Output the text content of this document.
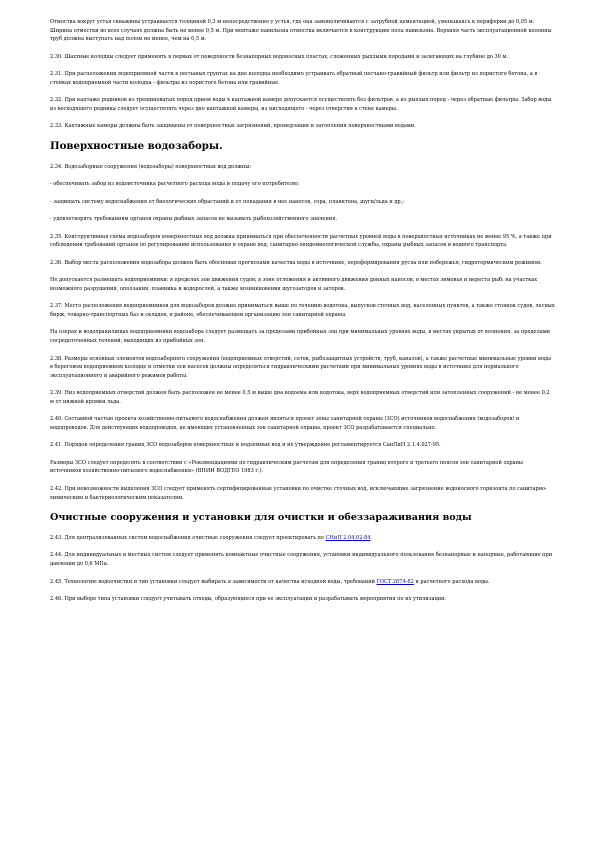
Отмостка вокруг устья скважины устраивается толщиной 0,3 м непосредственно у устья, где она замоноличивается с затрубной цементацией, уменьшаясь к периферии до 0,05 м. Ширина отмостки во всех случаях должна быть не менее 0,5 м. При монтаже павильона отмостка включается в конструкцию пола павильона. Верхняя часть эксплуатационной колонны труб должна выступать над полом не менее, чем на 0,5 м.

2.30. Шахтные колодцы следует применять в первых от поверхности безнапорных водоносных пластах, сложенных рыхлыми породами и залегающих на глубине до 30 м.

2.31. При расположении водоприемной части в песчаных грунтах на дне колодца необходимо устраивать обратный песчано-гравийный фильтр или фильтр из пористого бетона, а в стенках водоприемной части колодца - фильтры из пористого бетона или гравийные.

2.32. При каптаже родников из трещиноватых пород прием воды в каптажной камере допускается осуществлять без фильтров, а из рыхлых пород - через обратные фильтры. Забор воды из восходящего родника следует осуществлять через дно каптажной камеры, из нисходящего - через отверстия в стене камеры.

2.33. Каптажные камеры должны быть защищены от поверхностных загрязнений, промерзания и затопления поверхностными водами.

Поверхностные водозаборы.

2.34. Водозаборные сооружения (водозаборы) поверхностных вод должны:

- обеспечивать забор из водоисточника расчетного расхода воды и подачу его потребителю;

- защищать систему водоснабжения от биологических обрастаний и от попадания в нее наносов, сора, планктона, шуги/льда и др.;

- удовлетворять требованиям органов охраны рыбных запасов не вызывать рыбохозяйственного значения.

2.35. Конструктивная схема водозаборов поверхностных вод должна приниматься при обеспеченности расчетных уровней воды в поверхностных источниках не менее 95 %, а также при соблюдении требований органов по регулированию использования и охране вод, санитарно-эпидемиологической службы, охраны рыбных запасов и водного транспорта.

2.36. Выбор места расположения водозабора должен быть обоснован прогнозами качества воды в источнике, переформирования русла или побережья, гидротермическим режимом.

Не допускается размещать водоприемники: в пределах зон движения судов; в зоне отложения и активного движения донных наносов; в местах зимовья и нереста рыб; на участках возможного разрушения, оползания, плавника и водорослей, а также возникновения шугозаторов и заторов.

2.37. Место расположения водоприемников для водозаборов должно приниматься выше по течению водотока, выпусков сточных вод, населенных пунктов, а также стоянок судов, лесных бирж, товарно-транспортных баз и складов, в районе, обеспечивающем организацию зон санитарной охраны.

На озерах и водохранилищах водоприемники водозабора следует размещать за пределами прибойных зон при минимальных уровнях воды, в местах укрытых от волнения, за пределами сосредоточенных течений, выходящих из прибойных зон.

2.38. Размеры основных элементов водозаборного сооружения (водоприемных отверстий, сеток, рыбозащитных устройств, труб, каналов), а также расчетные минимальные уровни воды в береговом водоприемном колодце и отметки оси насосов должны определяться гидравлическими расчетами при минимальных уровнях воды в источнике для нормального эксплуатационного и аварийного режимов работы.

2.39. Низ водоприемных отверстий должен быть расположен не менее 0,5 м выше дна водоема или водотока, верх водоприемных отверстий или затопленных сооружений - не менее 0,2 м от нижней кромки льда.

2.40. Составной частью проекта хозяйственно-питьевого водоснабжения должен являться проект зоны санитарной охраны (ЗСО) источников водоснабжения (водозаборов) и водопроводов. Для действующих водопроводов, не имеющих установленных зон санитарной охраны, проект ЗСО разрабатывается специально.

2.41. Порядок определения границ ЗСО водозаборов поверхностных и подземных вод и их утверждение регламентируется СанПиН 2.1.4.027-95.

Размеры ЗСО следует определять в соответствии с «Рекомендациями по гидравлическим расчетам для определения границ второго и третьего поясов зон санитарной охраны источников хозяйственно-питьевого водоснабжения» (ВНИИ ВОДГЕО 1983 г.).

2.42. При невозможности выделения ЗСО следует применять сертифицированные установки по очистке сточных вод, исключающие загрязнение водоносного горизонта по санитарно-химическим и бактериологическим показателям.

Очистные сооружения и установки для очистки и обеззараживания воды

2.43. Для централизованных систем водоснабжения очистные сооружения следует проектировать по СНиП 2.04.02-84.

2.44. Для индивидуальных и местных систем следует применять компактные очистные сооружения, установки индивидуального пользования безнапорные и напорные, работающие при давлении до 0,6 МПа.

2.45. Технологию водоочистки и тип установки следует выбирать в зависимости от качества исходной воды, требований ГОСТ 2874-82 и расчетного расхода воды.

2.46. При выборе типа установки следует учитывать отходы, образующиеся при ее эксплуатации и разрабатывать мероприятия по их утилизации.
